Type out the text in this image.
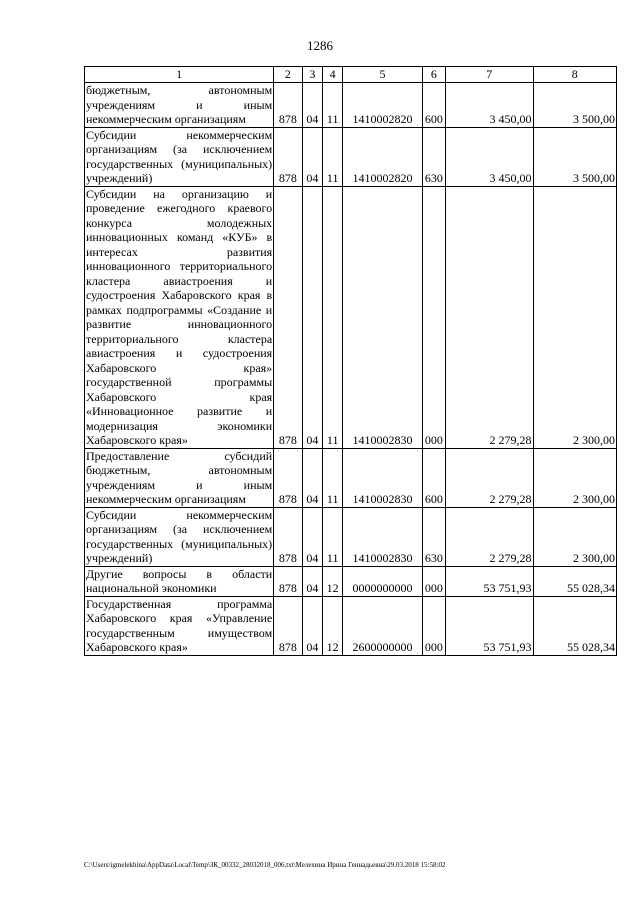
1286
1	2	3	4	5	6	7	8
бюджетным, автономным учреждениям и иным некоммерческим организациям	878	04	11	1410002820	600	3 450,00	3 500,00
Субсидии некоммерческим организациям (за исключением государственных (муниципальных) учреждений)	878	04	11	1410002820	630	3 450,00	3 500,00
Субсидии на организацию и проведение ежегодного краевого конкурса молодежных инновационных команд «КУБ» в интересах развития инновационного территориального кластера авиастроения и судостроения Хабаровского края в рамках подпрограммы «Создание и развитие инновационного территориального кластера авиастроения и судостроения Хабаровского края» государственной программы Хабаровского края «Инновационное развитие и модернизация экономики Хабаровского края»	878	04	11	1410002830	000	2 279,28	2 300,00
Предоставление субсидий бюджетным, автономным учреждениям и иным некоммерческим организациям	878	04	11	1410002830	600	2 279,28	2 300,00
Субсидии некоммерческим организациям (за исключением государственных (муниципальных) учреждений)	878	04	11	1410002830	630	2 279,28	2 300,00
Другие вопросы в области национальной экономики	878	04	12	0000000000	000	53 751,93	55 028,34
Государственная программа Хабаровского края «Управление государственным имуществом Хабаровского края»	878	04	12	2600000000	000	53 751,93	55 028,34
C:\Users\igmelekhina\AppData\Local\Temp\ЗК_00332_28032018_006.txt\Мелехина Ирина Геннадьевна\29.03.2018 15:58:02
